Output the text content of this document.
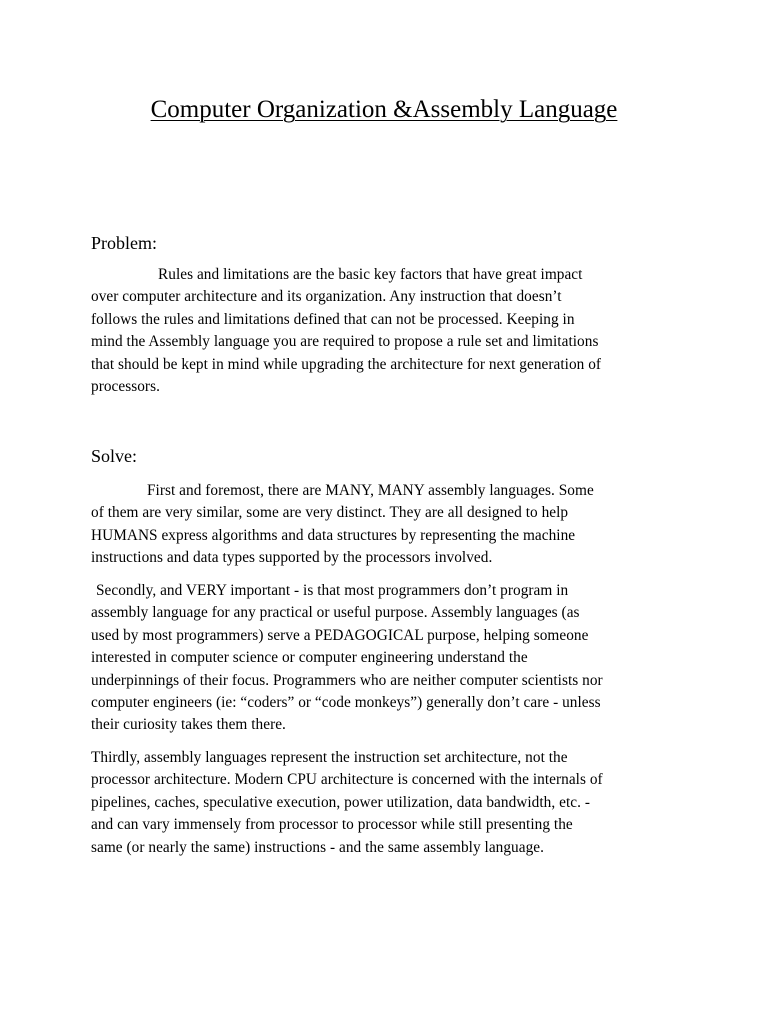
Computer Organization &Assembly Language
Problem:

Rules and limitations are the basic key factors that have great impact
over computer architecture and its organization. Any instruction that doesn’t
follows the rules and limitations defined that can not be processed. Keeping in
mind the Assembly language you are required to propose a rule set and limitations
that should be kept in mind while upgrading the architecture for next generation of
processors.

Solve:

First and foremost, there are MANY, MANY assembly languages. Some
of them are very similar, some are very distinct. They are all designed to help
HUMANS express algorithms and data structures by representing the machine
instructions and data types supported by the processors involved.

Secondly, and VERY important - is that most programmers don’t program in
assembly language for any practical or useful purpose. Assembly languages (as
used by most programmers) serve a PEDAGOGICAL purpose, helping someone
interested in computer science or computer engineering understand the
underpinnings of their focus. Programmers who are neither computer scientists nor
computer engineers (ie: “coders” or “code monkeys”) generally don’t care - unless
their curiosity takes them there.

Thirdly, assembly languages represent the instruction set architecture, not the
processor architecture. Modern CPU architecture is concerned with the internals of
pipelines, caches, speculative execution, power utilization, data bandwidth, etc. -
and can vary immensely from processor to processor while still presenting the
same (or nearly the same) instructions - and the same assembly language.
